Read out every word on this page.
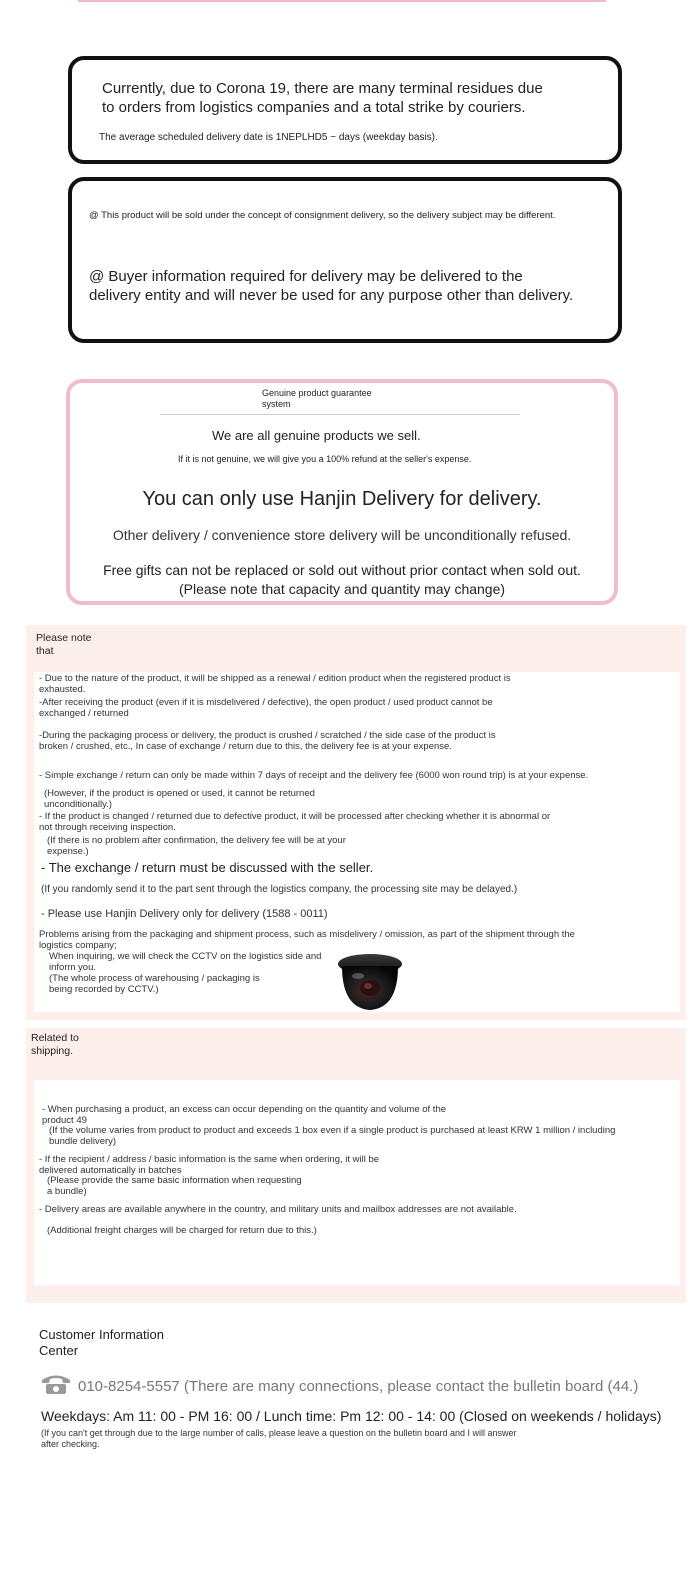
Currently, due to Corona 19, there are many terminal residues due
to orders from logistics companies and a total strike by couriers.
The average scheduled delivery date is 1NEPLHD5 ~ days (weekday basis).
@ This product will be sold under the concept of consignment delivery, so the delivery subject may be different.
@ Buyer information required for delivery may be delivered to the
delivery entity and will never be used for any purpose other than delivery.
Genuine product guarantee
system
We are all genuine products we sell.
If it is not genuine, we will give you a 100% refund at the seller's expense.
You can only use Hanjin Delivery for delivery.
Other delivery / convenience store delivery will be unconditionally refused.
Free gifts can not be replaced or sold out without prior contact when sold out.
(Please note that capacity and quantity may change)
Please note
that
- Due to the nature of the product, it will be shipped as a renewal / edition product when the registered product is
exhausted.
-After receiving the product (even if it is misdelivered / defective), the open product / used product cannot be
exchanged / returned
-During the packaging process or delivery, the product is crushed / scratched / the side case of the product is
broken / crushed, etc., In case of exchange / return due to this, the delivery fee is at your expense.
- Simple exchange / return can only be made within 7 days of receipt and the delivery fee (6000 won round trip) is at your expense.
(However, if the product is opened or used, it cannot be returned
unconditionally.)
- If the product is changed / returned due to defective product, it will be processed after checking whether it is abnormal or
not through receiving inspection.
(If there is no problem after confirmation, the delivery fee will be at your
expense.)
- The exchange / return must be discussed with the seller.
(If you randomly send it to the part sent through the logistics company, the processing site may be delayed.)
- Please use Hanjin Delivery only for delivery (1588 - 0011)
Problems arising from the packaging and shipment process, such as misdelivery / omission, as part of the shipment through the
logistics company;
When inquiring, we will check the CCTV on the logistics side and
inform you.
(The whole process of warehousing / packaging is
being recorded by CCTV.)
Related to
shipping.
- When purchasing a product, an excess can occur depending on the quantity and volume of the
product 49
(If the volume varies from product to product and exceeds 1 box even if a single product is purchased at least KRW 1 million / including
bundle delivery)
- If the recipient / address / basic information is the same when ordering, it will be
delivered automatically in batches
(Please provide the same basic information when requesting
a bundle)
- Delivery areas are available anywhere in the country, and military units and mailbox addresses are not available.
(Additional freight charges will be charged for return due to this.)
Customer Information
Center
010-8254-5557 (There are many connections, please contact the bulletin board (44.)
Weekdays: Am 11: 00 - PM 16: 00 / Lunch time: Pm 12: 00 - 14: 00 (Closed on weekends / holidays)
(If you can't get through due to the large number of calls, please leave a question on the bulletin board and I will answer
after checking.
